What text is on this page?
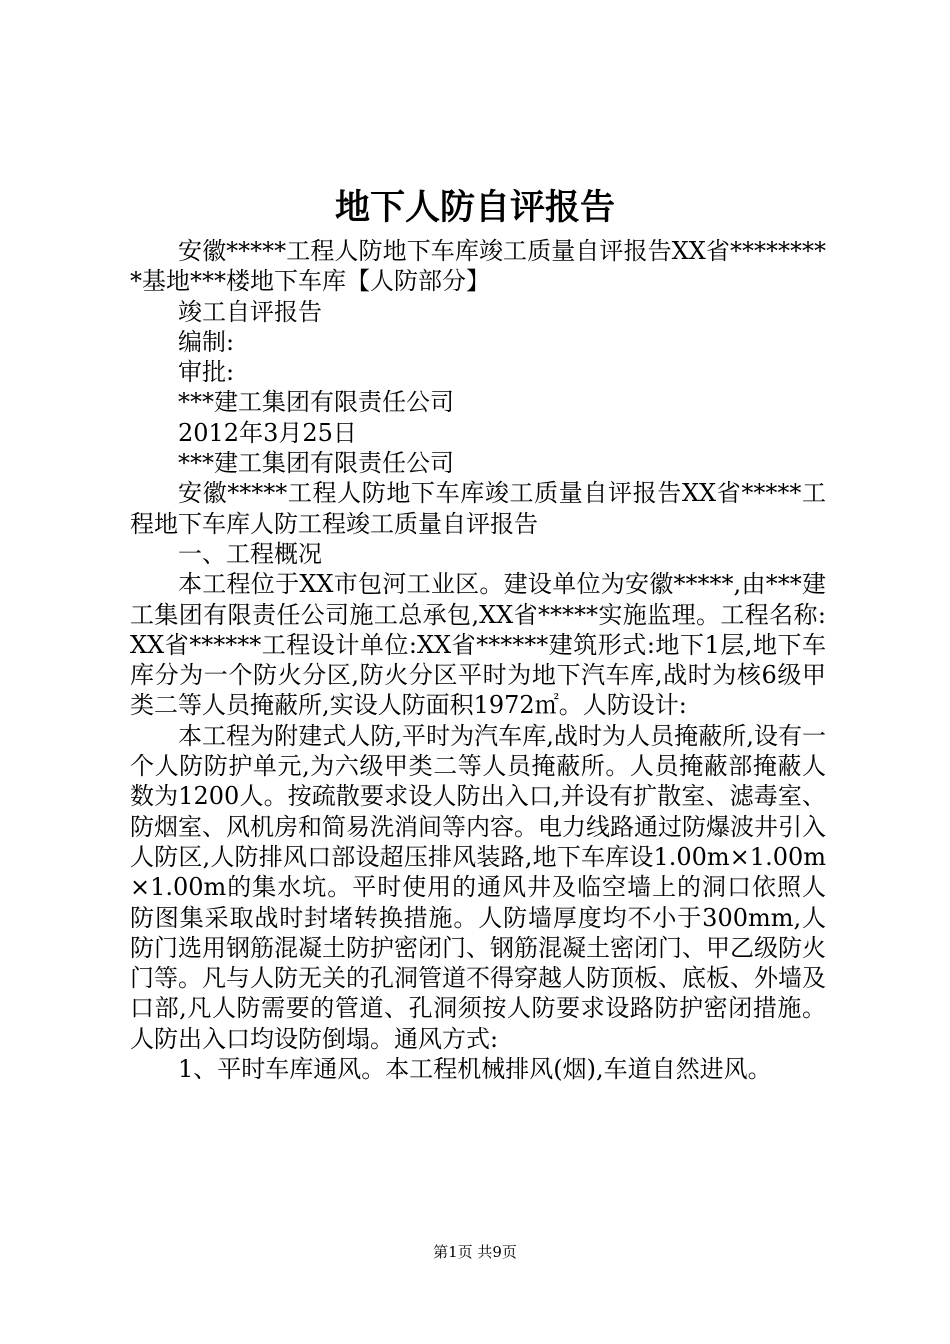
地下人防自评报告

安徽*****工程人防地下车库竣工质量自评报告XX省*********基地***楼地下车库【人防部分】

竣工自评报告

编制:

审批:

***建工集团有限责任公司

2012年3月25日

***建工集团有限责任公司

安徽*****工程人防地下车库竣工质量自评报告XX省*****工程地下车库人防工程竣工质量自评报告

一、工程概况

本工程位于XX市包河工业区。建设单位为安徽*****,由***建工集团有限责任公司施工总承包,XX省*****实施监理。工程名称:XX省******工程设计单位:XX省******建筑形式:地下1层,地下车库分为一个防火分区,防火分区平时为地下汽车库,战时为核6级甲类二等人员掩蔽所,实设人防面积1972㎡。人防设计:

本工程为附建式人防,平时为汽车库,战时为人员掩蔽所,设有一个人防防护单元,为六级甲类二等人员掩蔽所。人员掩蔽部掩蔽人数为1200人。按疏散要求设人防出入口,并设有扩散室、滤毒室、防烟室、风机房和简易洗消间等内容。电力线路通过防爆波井引入人防区,人防排风口部设超压排风装路,地下车库设1.00m×1.00m×1.00m的集水坑。平时使用的通风井及临空墙上的洞口依照人防图集采取战时封堵转换措施。人防墙厚度均不小于300mm,人防门选用钢筋混凝土防护密闭门、钢筋混凝土密闭门、甲乙级防火门等。凡与人防无关的孔洞管道不得穿越人防顶板、底板、外墙及口部,凡人防需要的管道、孔洞须按人防要求设路防护密闭措施。人防出入口均设防倒塌。通风方式:

1、平时车库通风。本工程机械排风(烟),车道自然进风。

第1页 共9页
